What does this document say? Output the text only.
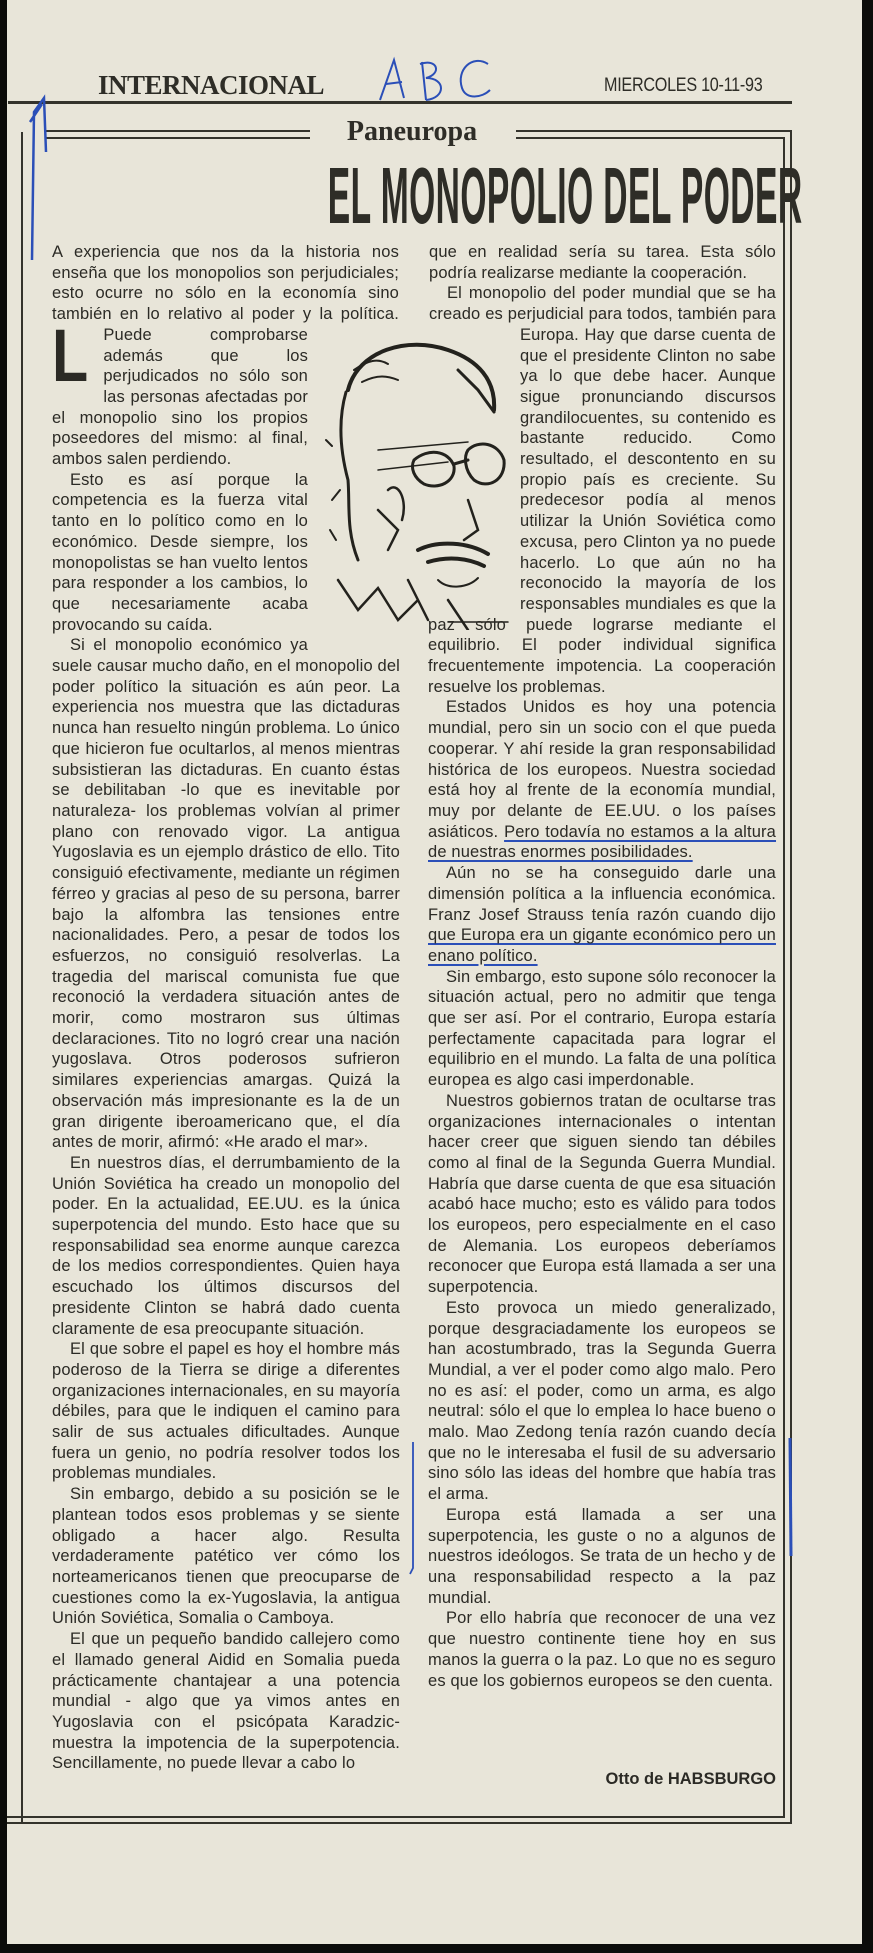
INTERNACIONAL	MIERCOLES 10-11-93
Paneuropa
EL MONOPOLIO DEL PODER

L
A experiencia que nos da la historia nos enseña que los monopolios son perjudiciales; esto ocurre no sólo en la economía sino también en lo relativo al poder y la política. Puede comprobarse además que los perjudicados no sólo son las personas afectadas por el monopolio sino los propios poseedores del mismo: al final, ambos salen perdiendo.

Esto es así porque la competencia es la fuerza vital tanto en lo político como en lo económico. Desde siempre, los monopolistas se han vuelto lentos para responder a los cambios, lo que necesariamente acaba provocando su caída.

Si el monopolio económico ya suele causar mucho daño, en el monopolio del poder político la situación es aún peor. La experiencia nos muestra que las dictaduras nunca han resuelto ningún problema. Lo único que hicieron fue ocultarlos, al menos mientras subsistieran las dictaduras. En cuanto éstas se debilitaban -lo que es inevitable por naturaleza- los problemas volvían al primer plano con renovado vigor. La antigua Yugoslavia es un ejemplo drástico de ello. Tito consiguió efectivamente, mediante un régimen férreo y gracias al peso de su persona, barrer bajo la alfombra las tensiones entre nacionalidades. Pero, a pesar de todos los esfuerzos, no consiguió resolverlas. La tragedia del mariscal comunista fue que reconoció la verdadera situación antes de morir, como mostraron sus últimas declaraciones. Tito no logró crear una nación yugoslava. Otros poderosos sufrieron similares experiencias amargas. Quizá la observación más impresionante es la de un gran dirigente iberoamericano que, el día antes de morir, afirmó: «He arado el mar».

En nuestros días, el derrumbamiento de la Unión Soviética ha creado un monopolio del poder. En la actualidad, EE.UU. es la única superpotencia del mundo. Esto hace que su responsabilidad sea enorme aunque carezca de los medios correspondientes. Quien haya escuchado los últimos discursos del presidente Clinton se habrá dado cuenta claramente de esa preocupante situación.

El que sobre el papel es hoy el hombre más poderoso de la Tierra se dirige a diferentes organizaciones internacionales, en su mayoría débiles, para que le indiquen el camino para salir de sus actuales dificultades. Aunque fuera un genio, no podría resolver todos los problemas mundiales.

Sin embargo, debido a su posición se le plantean todos esos problemas y se siente obligado a hacer algo. Resulta verdaderamente patético ver cómo los norteamericanos tienen que preocuparse de cuestiones como la ex-Yugoslavia, la antigua Unión Soviética, Somalia o Camboya.

El que un pequeño bandido callejero como el llamado general Aidid en Somalia pueda prácticamente chantajear a una potencia mundial - algo que ya vimos antes en Yugoslavia con el psicópata Karadzic- muestra la impotencia de la superpotencia. Sencillamente, no puede llevar a cabo lo

que en realidad sería su tarea. Esta sólo podría realizarse mediante la cooperación.

El monopolio del poder mundial que se ha creado es perjudicial para todos, también para Europa. Hay que darse cuenta de que el presidente Clinton no sabe ya lo que debe hacer. Aunque sigue pronunciando discursos grandilocuentes, su contenido es bastante reducido. Como resultado, el descontento en su propio país es creciente. Su predecesor podía al menos utilizar la Unión Soviética como excusa, pero Clinton ya no puede hacerlo. Lo que aún no ha reconocido la mayoría de los responsables mundiales es que la paz sólo puede lograrse mediante el equilibrio. El poder individual significa frecuentemente impotencia. La cooperación resuelve los problemas.

Estados Unidos es hoy una potencia mundial, pero sin un socio con el que pueda cooperar. Y ahí reside la gran responsabilidad histórica de los europeos. Nuestra sociedad está hoy al frente de la economía mundial, muy por delante de EE.UU. o los países asiáticos. Pero todavía no estamos a la altura de nuestras enormes posibilidades.

Aún no se ha conseguido darle una dimensión política a la influencia económica. Franz Josef Strauss tenía razón cuando dijo que Europa era un gigante económico pero un enano político.

Sin embargo, esto supone sólo reconocer la situación actual, pero no admitir que tenga que ser así. Por el contrario, Europa estaría perfectamente capacitada para lograr el equilibrio en el mundo. La falta de una política europea es algo casi imperdonable.

Nuestros gobiernos tratan de ocultarse tras organizaciones internacionales o intentan hacer creer que siguen siendo tan débiles como al final de la Segunda Guerra Mundial. Habría que darse cuenta de que esa situación acabó hace mucho; esto es válido para todos los europeos, pero especialmente en el caso de Alemania. Los europeos deberíamos reconocer que Europa está llamada a ser una superpotencia.

Esto provoca un miedo generalizado, porque desgraciadamente los europeos se han acostumbrado, tras la Segunda Guerra Mundial, a ver el poder como algo malo. Pero no es así: el poder, como un arma, es algo neutral: sólo el que lo emplea lo hace bueno o malo. Mao Zedong tenía razón cuando decía que no le interesaba el fusil de su adversario sino sólo las ideas del hombre que había tras el arma.

Europa está llamada a ser una superpotencia, les guste o no a algunos de nuestros ideólogos. Se trata de un hecho y de una responsabilidad respecto a la paz mundial.

Por ello habría que reconocer de una vez que nuestro continente tiene hoy en sus manos la guerra o la paz. Lo que no es seguro es que los gobiernos europeos se den cuenta.

Otto de HABSBURGO
